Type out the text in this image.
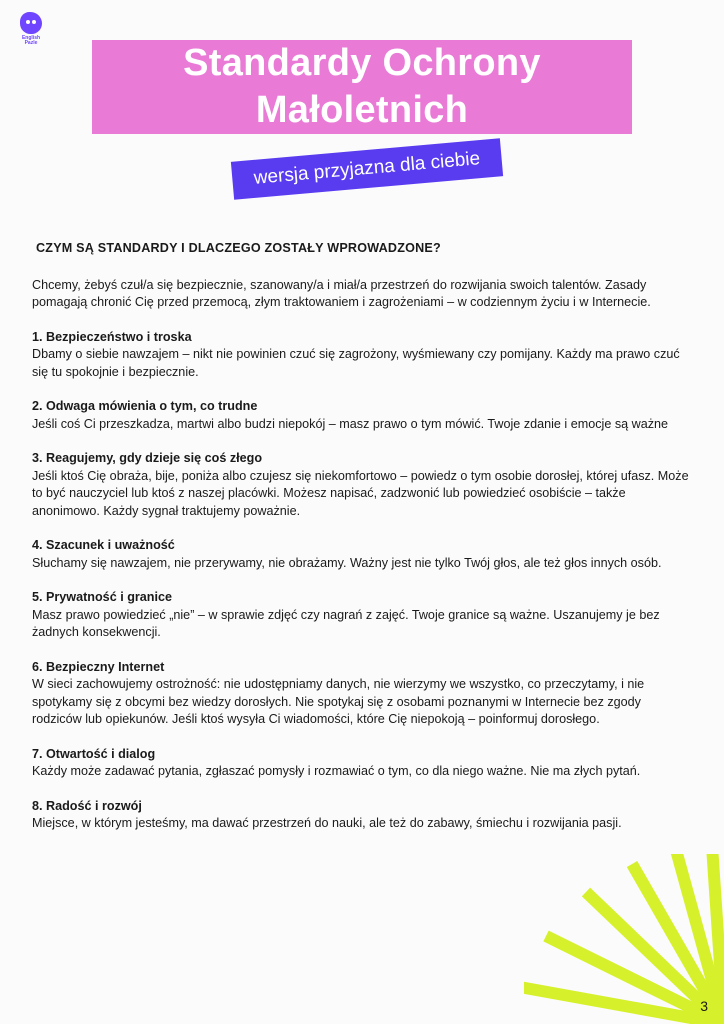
English
Pazle	Standardy Ochrony
Małoletnich
wersja przyjazna dla ciebie
CZYM SĄ STANDARDY I DLACZEGO ZOSTAŁY WPROWADZONE?

Chcemy, żebyś czuł/a się bezpiecznie, szanowany/a i miał/a przestrzeń do rozwijania swoich talentów. Zasady pomagają chronić Cię przed przemocą, złym traktowaniem i zagrożeniami – w codziennym życiu i w Internecie.

1. Bezpieczeństwo i troska

Dbamy o siebie nawzajem – nikt nie powinien czuć się zagrożony, wyśmiewany czy pomijany. Każdy ma prawo czuć się tu spokojnie i bezpiecznie.

2. Odwaga mówienia o tym, co trudne

Jeśli coś Ci przeszkadza, martwi albo budzi niepokój – masz prawo o tym mówić. Twoje zdanie i emocje są ważne

3. Reagujemy, gdy dzieje się coś złego

Jeśli ktoś Cię obraża, bije, poniża albo czujesz się niekomfortowo – powiedz o tym osobie dorosłej, której ufasz. Może to być nauczyciel lub ktoś z naszej placówki. Możesz napisać, zadzwonić lub powiedzieć osobiście – także anonimowo. Każdy sygnał traktujemy poważnie.

4. Szacunek i uważność

Słuchamy się nawzajem, nie przerywamy, nie obrażamy. Ważny jest nie tylko Twój głos, ale też głos innych osób.

5. Prywatność i granice

Masz prawo powiedzieć „nie” – w sprawie zdjęć czy nagrań z zajęć. Twoje granice są ważne. Uszanujemy je bez żadnych konsekwencji.

6. Bezpieczny Internet

W sieci zachowujemy ostrożność: nie udostępniamy danych, nie wierzymy we wszystko, co przeczytamy, i nie spotykamy się z obcymi bez wiedzy dorosłych. Nie spotykaj się z osobami poznanymi w Internecie bez zgody rodziców lub opiekunów. Jeśli ktoś wysyła Ci wiadomości, które Cię niepokoją – poinformuj dorosłego.

7. Otwartość i dialog

Każdy może zadawać pytania, zgłaszać pomysły i rozmawiać o tym, co dla niego ważne. Nie ma złych pytań.

8. Radość i rozwój

Miejsce, w którym jesteśmy, ma dawać przestrzeń do nauki, ale też do zabawy, śmiechu i rozwijania pasji.

3
